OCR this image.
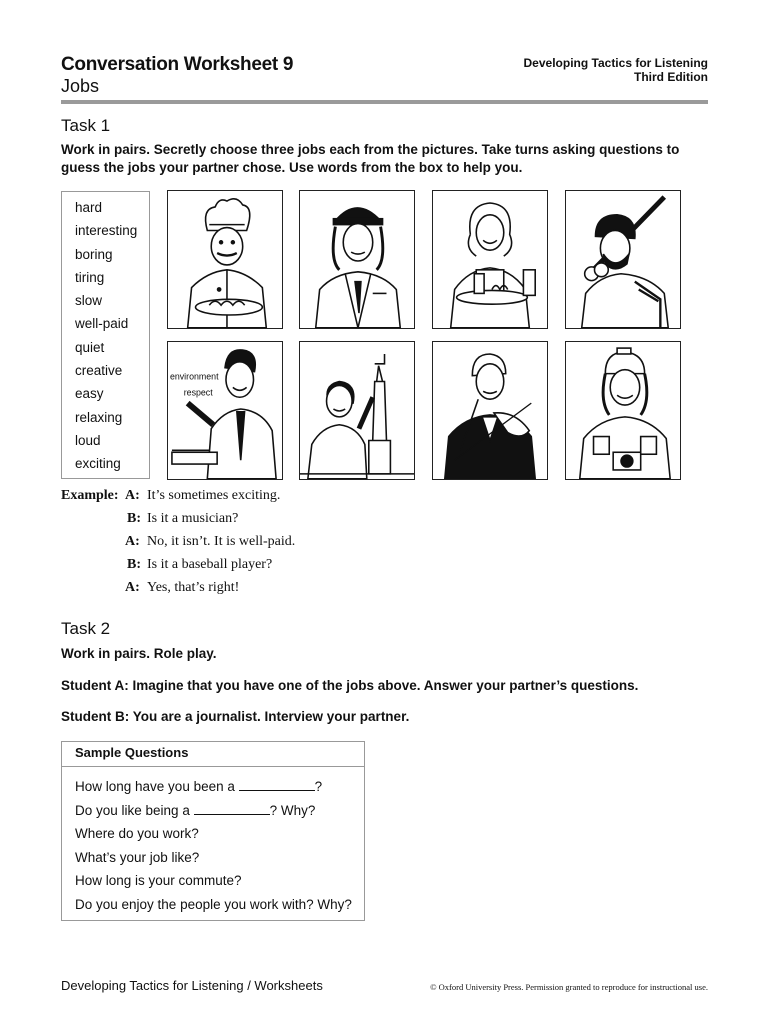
Conversation Worksheet 9
Jobs
Developing Tactics for Listening
Third Edition
Task 1
Work in pairs. Secretly choose three jobs each from the pictures. Take turns asking questions to
guess the jobs your partner chose. Use words from the box to help you.
hard
interesting
boring
tiring
slow
well-paid
quiet
creative
easy
relaxing
loud
exciting
environment
respect
Example: A: It’s sometimes exciting.
B: Is it a musician?
A: No, it isn’t. It is well-paid.
B: Is it a baseball player?
A: Yes, that’s right!
Task 2
Work in pairs. Role play.
Student A: Imagine that you have one of the jobs above. Answer your partner’s questions.
Student B: You are a journalist. Interview your partner.
Sample Questions
How long have you been a	?
Do you like being a	? Why?
Where do you work?
What’s your job like?
How long is your commute?
Do you enjoy the people you work with? Why?
Developing Tactics for Listening / Worksheets	© Oxford University Press. Permission granted to reproduce for instructional use.
